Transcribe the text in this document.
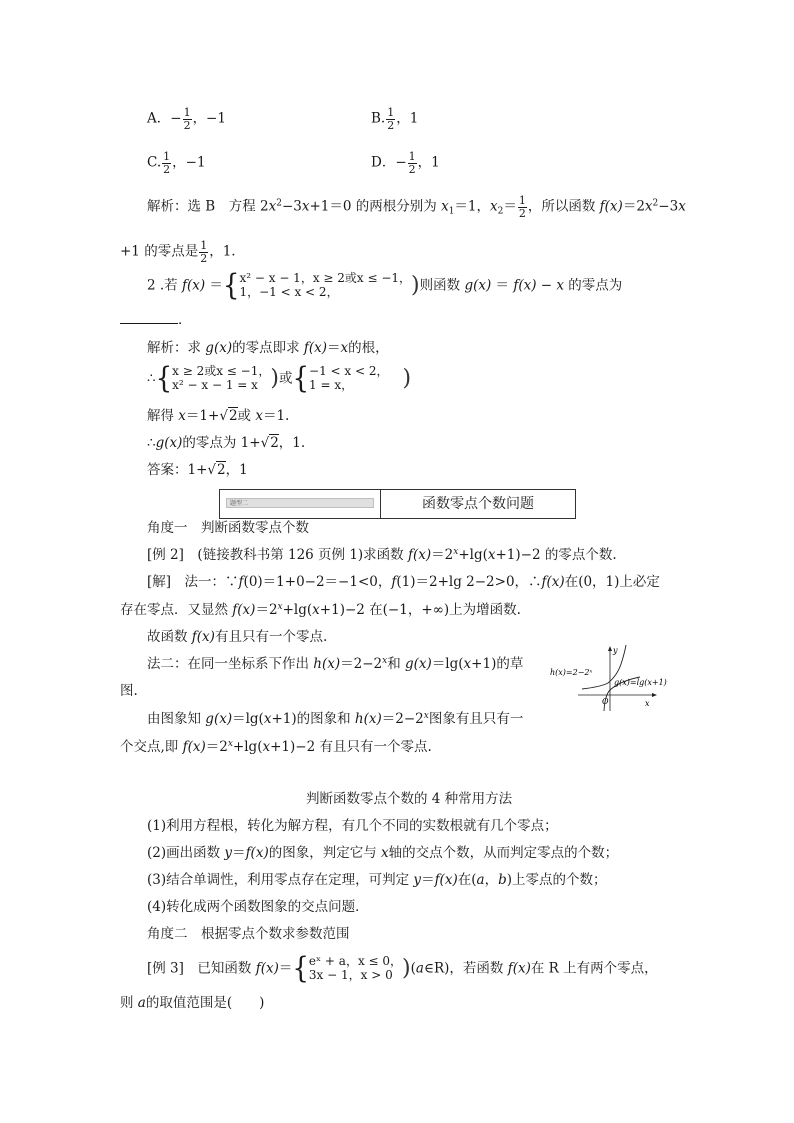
A．− $\frac{1}{2}$ ，−1	B. $\frac{1}{2}$ ，1
C. $\frac{1}{2}$ ，−1	D．− $\frac{1}{2}$ ，1
解析：选 B　方程 $2x^2-3x+1=0$ 的两根分别为 $x_1=1$，$x_2= \frac{1}{2}$ ，所以函数 $f(x)=2x^2-3x$
+1 的零点是 $\frac{1}{2}$ ，1.
2 .若 f(x) ＝{ x² − x − 1，x ≥ 2或x ≤ −1，
1，−1 < x < 2，	)则函数 g(x) ＝ f(x) − x 的零点为
．
解析：求 g(x)的零点即求 f(x)＝x的根，
∴{ x ≥ 2或x ≤ −1，
x² − x − 1 = x )或{ −1 < x < 2，
1 = x，	)
解得 x＝1+√2或 x＝1.
∴g(x)的零点为 1+√2，1.
答案：1+√2，1
题型二	函数零点个数问题
角度一　判断函数零点个数
[例 2]　(链接教科书第 126 页例 1)求函数 $f(x)=2^x+\lg(x+1)-2$ 的零点个数.
[解]　法一：∵f(0)＝1+0−2＝−1<0，f(1)＝2+lg 2−2>0，∴f(x)在(0，1)上必定
存在零点．又显然 $f(x)=2^x+\lg(x+1)-2$ 在(−1，+∞)上为增函数.
故函数 f(x)有且只有一个零点.
法二：在同一坐标系下作出 $h(x)=2-2^x$和 g(x)＝lg(x+1)的草
图.
由图象知 g(x)＝lg(x+1)的图象和 $h(x)=2-2^x$图象有且只有一
个交点,即 $f(x)=2^x+\lg(x+1)-2$ 有且只有一个零点.
y
x
O
h(x)=2−2ˣ
g(x)=lg(x+1)
判断函数零点个数的 4 种常用方法
(1)利用方程根，转化为解方程，有几个不同的实数根就有几个零点；
(2)画出函数 y＝f(x)的图象，判定它与 x轴的交点个数，从而判定零点的个数；
(3)结合单调性，利用零点存在定理，可判定 y＝f(x)在(a，b)上零点的个数；
(4)转化成两个函数图象的交点问题．
角度二　根据零点个数求参数范围
[例 3]　已知函数 f(x)＝{ eˣ + a，x ≤ 0，
3x − 1，x > 0 )(a∈R)，若函数 f(x)在 R 上有两个零点，
则 a的取值范围是(　　)
